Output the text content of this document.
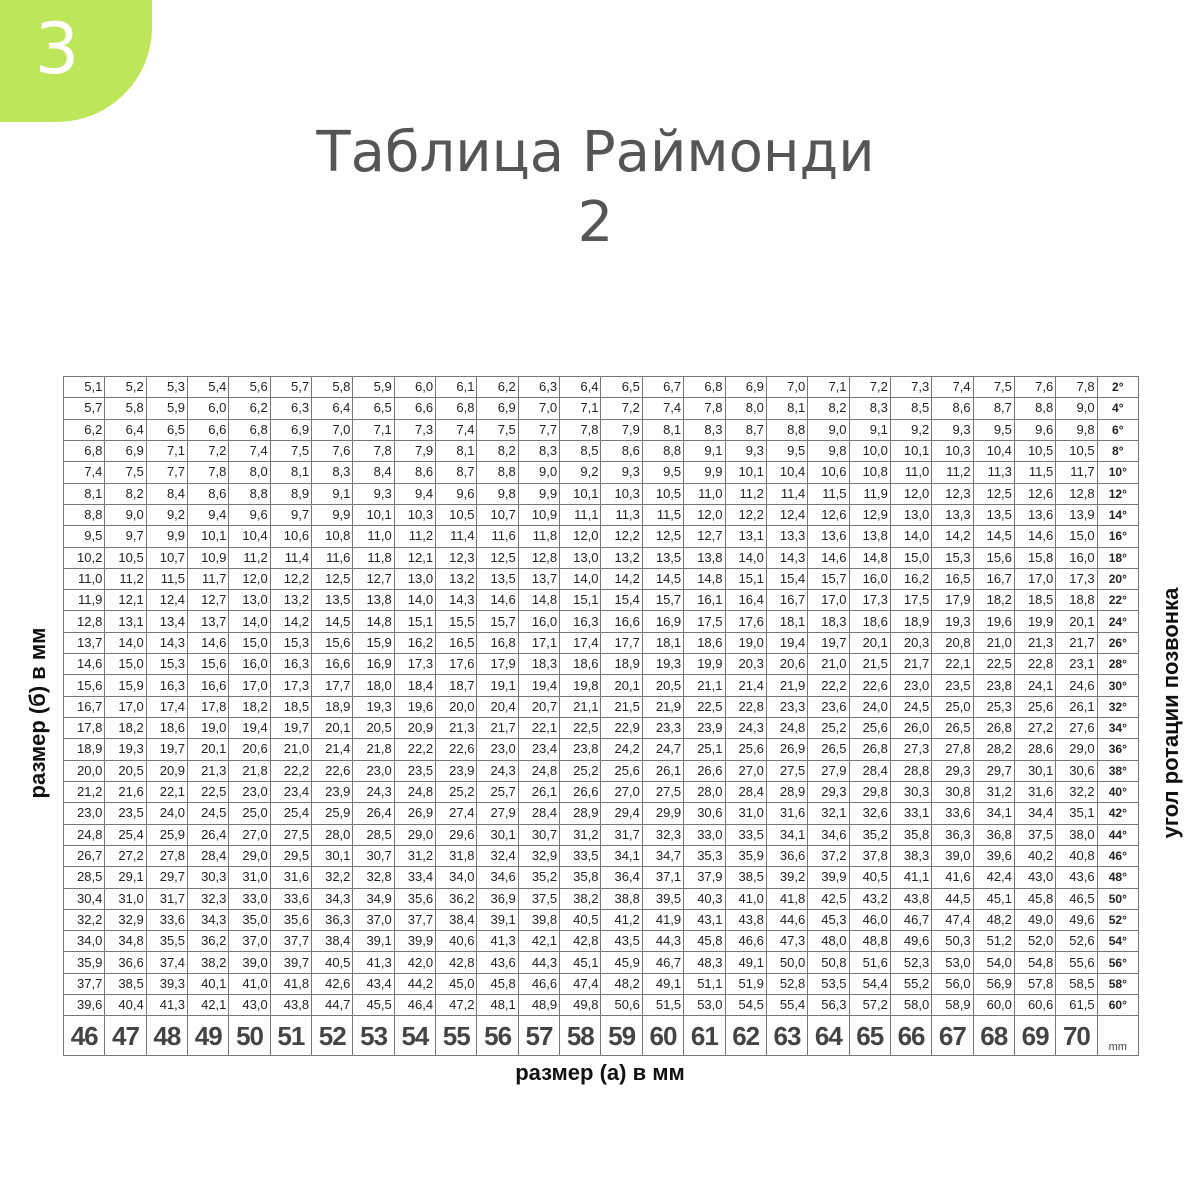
3
Таблица Раймонди
2
5,1	5,2	5,3	5,4	5,6	5,7	5,8	5,9	6,0	6,1	6,2	6,3	6,4	6,5	6,7	6,8	6,9	7,0	7,1	7,2	7,3	7,4	7,5	7,6	7,8	2°
5,7	5,8	5,9	6,0	6,2	6,3	6,4	6,5	6,6	6,8	6,9	7,0	7,1	7,2	7,4	7,8	8,0	8,1	8,2	8,3	8,5	8,6	8,7	8,8	9,0	4°
6,2	6,4	6,5	6,6	6,8	6,9	7,0	7,1	7,3	7,4	7,5	7,7	7,8	7,9	8,1	8,3	8,7	8,8	9,0	9,1	9,2	9,3	9,5	9,6	9,8	6°
6,8	6,9	7,1	7,2	7,4	7,5	7,6	7,8	7,9	8,1	8,2	8,3	8,5	8,6	8,8	9,1	9,3	9,5	9,8	10,0	10,1	10,3	10,4	10,5	10,5	8°
7,4	7,5	7,7	7,8	8,0	8,1	8,3	8,4	8,6	8,7	8,8	9,0	9,2	9,3	9,5	9,9	10,1	10,4	10,6	10,8	11,0	11,2	11,3	11,5	11,7	10°
8,1	8,2	8,4	8,6	8,8	8,9	9,1	9,3	9,4	9,6	9,8	9,9	10,1	10,3	10,5	11,0	11,2	11,4	11,5	11,9	12,0	12,3	12,5	12,6	12,8	12°
8,8	9,0	9,2	9,4	9,6	9,7	9,9	10,1	10,3	10,5	10,7	10,9	11,1	11,3	11,5	12,0	12,2	12,4	12,6	12,9	13,0	13,3	13,5	13,6	13,9	14°
9,5	9,7	9,9	10,1	10,4	10,6	10,8	11,0	11,2	11,4	11,6	11,8	12,0	12,2	12,5	12,7	13,1	13,3	13,6	13,8	14,0	14,2	14,5	14,6	15,0	16°
10,2	10,5	10,7	10,9	11,2	11,4	11,6	11,8	12,1	12,3	12,5	12,8	13,0	13,2	13,5	13,8	14,0	14,3	14,6	14,8	15,0	15,3	15,6	15,8	16,0	18°
11,0	11,2	11,5	11,7	12,0	12,2	12,5	12,7	13,0	13,2	13,5	13,7	14,0	14,2	14,5	14,8	15,1	15,4	15,7	16,0	16,2	16,5	16,7	17,0	17,3	20°
11,9	12,1	12,4	12,7	13,0	13,2	13,5	13,8	14,0	14,3	14,6	14,8	15,1	15,4	15,7	16,1	16,4	16,7	17,0	17,3	17,5	17,9	18,2	18,5	18,8	22°
12,8	13,1	13,4	13,7	14,0	14,2	14,5	14,8	15,1	15,5	15,7	16,0	16,3	16,6	16,9	17,5	17,6	18,1	18,3	18,6	18,9	19,3	19,6	19,9	20,1	24°
13,7	14,0	14,3	14,6	15,0	15,3	15,6	15,9	16,2	16,5	16,8	17,1	17,4	17,7	18,1	18,6	19,0	19,4	19,7	20,1	20,3	20,8	21,0	21,3	21,7	26°
14,6	15,0	15,3	15,6	16,0	16,3	16,6	16,9	17,3	17,6	17,9	18,3	18,6	18,9	19,3	19,9	20,3	20,6	21,0	21,5	21,7	22,1	22,5	22,8	23,1	28°
15,6	15,9	16,3	16,6	17,0	17,3	17,7	18,0	18,4	18,7	19,1	19,4	19,8	20,1	20,5	21,1	21,4	21,9	22,2	22,6	23,0	23,5	23,8	24,1	24,6	30°
16,7	17,0	17,4	17,8	18,2	18,5	18,9	19,3	19,6	20,0	20,4	20,7	21,1	21,5	21,9	22,5	22,8	23,3	23,6	24,0	24,5	25,0	25,3	25,6	26,1	32°
17,8	18,2	18,6	19,0	19,4	19,7	20,1	20,5	20,9	21,3	21,7	22,1	22,5	22,9	23,3	23,9	24,3	24,8	25,2	25,6	26,0	26,5	26,8	27,2	27,6	34°
18,9	19,3	19,7	20,1	20,6	21,0	21,4	21,8	22,2	22,6	23,0	23,4	23,8	24,2	24,7	25,1	25,6	26,9	26,5	26,8	27,3	27,8	28,2	28,6	29,0	36°
20,0	20,5	20,9	21,3	21,8	22,2	22,6	23,0	23,5	23,9	24,3	24,8	25,2	25,6	26,1	26,6	27,0	27,5	27,9	28,4	28,8	29,3	29,7	30,1	30,6	38°
21,2	21,6	22,1	22,5	23,0	23,4	23,9	24,3	24,8	25,2	25,7	26,1	26,6	27,0	27,5	28,0	28,4	28,9	29,3	29,8	30,3	30,8	31,2	31,6	32,2	40°
23,0	23,5	24,0	24,5	25,0	25,4	25,9	26,4	26,9	27,4	27,9	28,4	28,9	29,4	29,9	30,6	31,0	31,6	32,1	32,6	33,1	33,6	34,1	34,4	35,1	42°
24,8	25,4	25,9	26,4	27,0	27,5	28,0	28,5	29,0	29,6	30,1	30,7	31,2	31,7	32,3	33,0	33,5	34,1	34,6	35,2	35,8	36,3	36,8	37,5	38,0	44°
26,7	27,2	27,8	28,4	29,0	29,5	30,1	30,7	31,2	31,8	32,4	32,9	33,5	34,1	34,7	35,3	35,9	36,6	37,2	37,8	38,3	39,0	39,6	40,2	40,8	46°
28,5	29,1	29,7	30,3	31,0	31,6	32,2	32,8	33,4	34,0	34,6	35,2	35,8	36,4	37,1	37,9	38,5	39,2	39,9	40,5	41,1	41,6	42,4	43,0	43,6	48°
30,4	31,0	31,7	32,3	33,0	33,6	34,3	34,9	35,6	36,2	36,9	37,5	38,2	38,8	39,5	40,3	41,0	41,8	42,5	43,2	43,8	44,5	45,1	45,8	46,5	50°
32,2	32,9	33,6	34,3	35,0	35,6	36,3	37,0	37,7	38,4	39,1	39,8	40,5	41,2	41,9	43,1	43,8	44,6	45,3	46,0	46,7	47,4	48,2	49,0	49,6	52°
34,0	34,8	35,5	36,2	37,0	37,7	38,4	39,1	39,9	40,6	41,3	42,1	42,8	43,5	44,3	45,8	46,6	47,3	48,0	48,8	49,6	50,3	51,2	52,0	52,6	54°
35,9	36,6	37,4	38,2	39,0	39,7	40,5	41,3	42,0	42,8	43,6	44,3	45,1	45,9	46,7	48,3	49,1	50,0	50,8	51,6	52,3	53,0	54,0	54,8	55,6	56°
37,7	38,5	39,3	40,1	41,0	41,8	42,6	43,4	44,2	45,0	45,8	46,6	47,4	48,2	49,1	51,1	51,9	52,8	53,5	54,4	55,2	56,0	56,9	57,8	58,5	58°
39,6	40,4	41,3	42,1	43,0	43,8	44,7	45,5	46,4	47,2	48,1	48,9	49,8	50,6	51,5	53,0	54,5	55,4	56,3	57,2	58,0	58,9	60,0	60,6	61,5	60°
46	47	48	49	50	51	52	53	54	55	56	57	58	59	60	61	62	63	64	65	66	67	68	69	70	mm
размер (а) в мм
размер (б) в мм	угол ротации позвонка
